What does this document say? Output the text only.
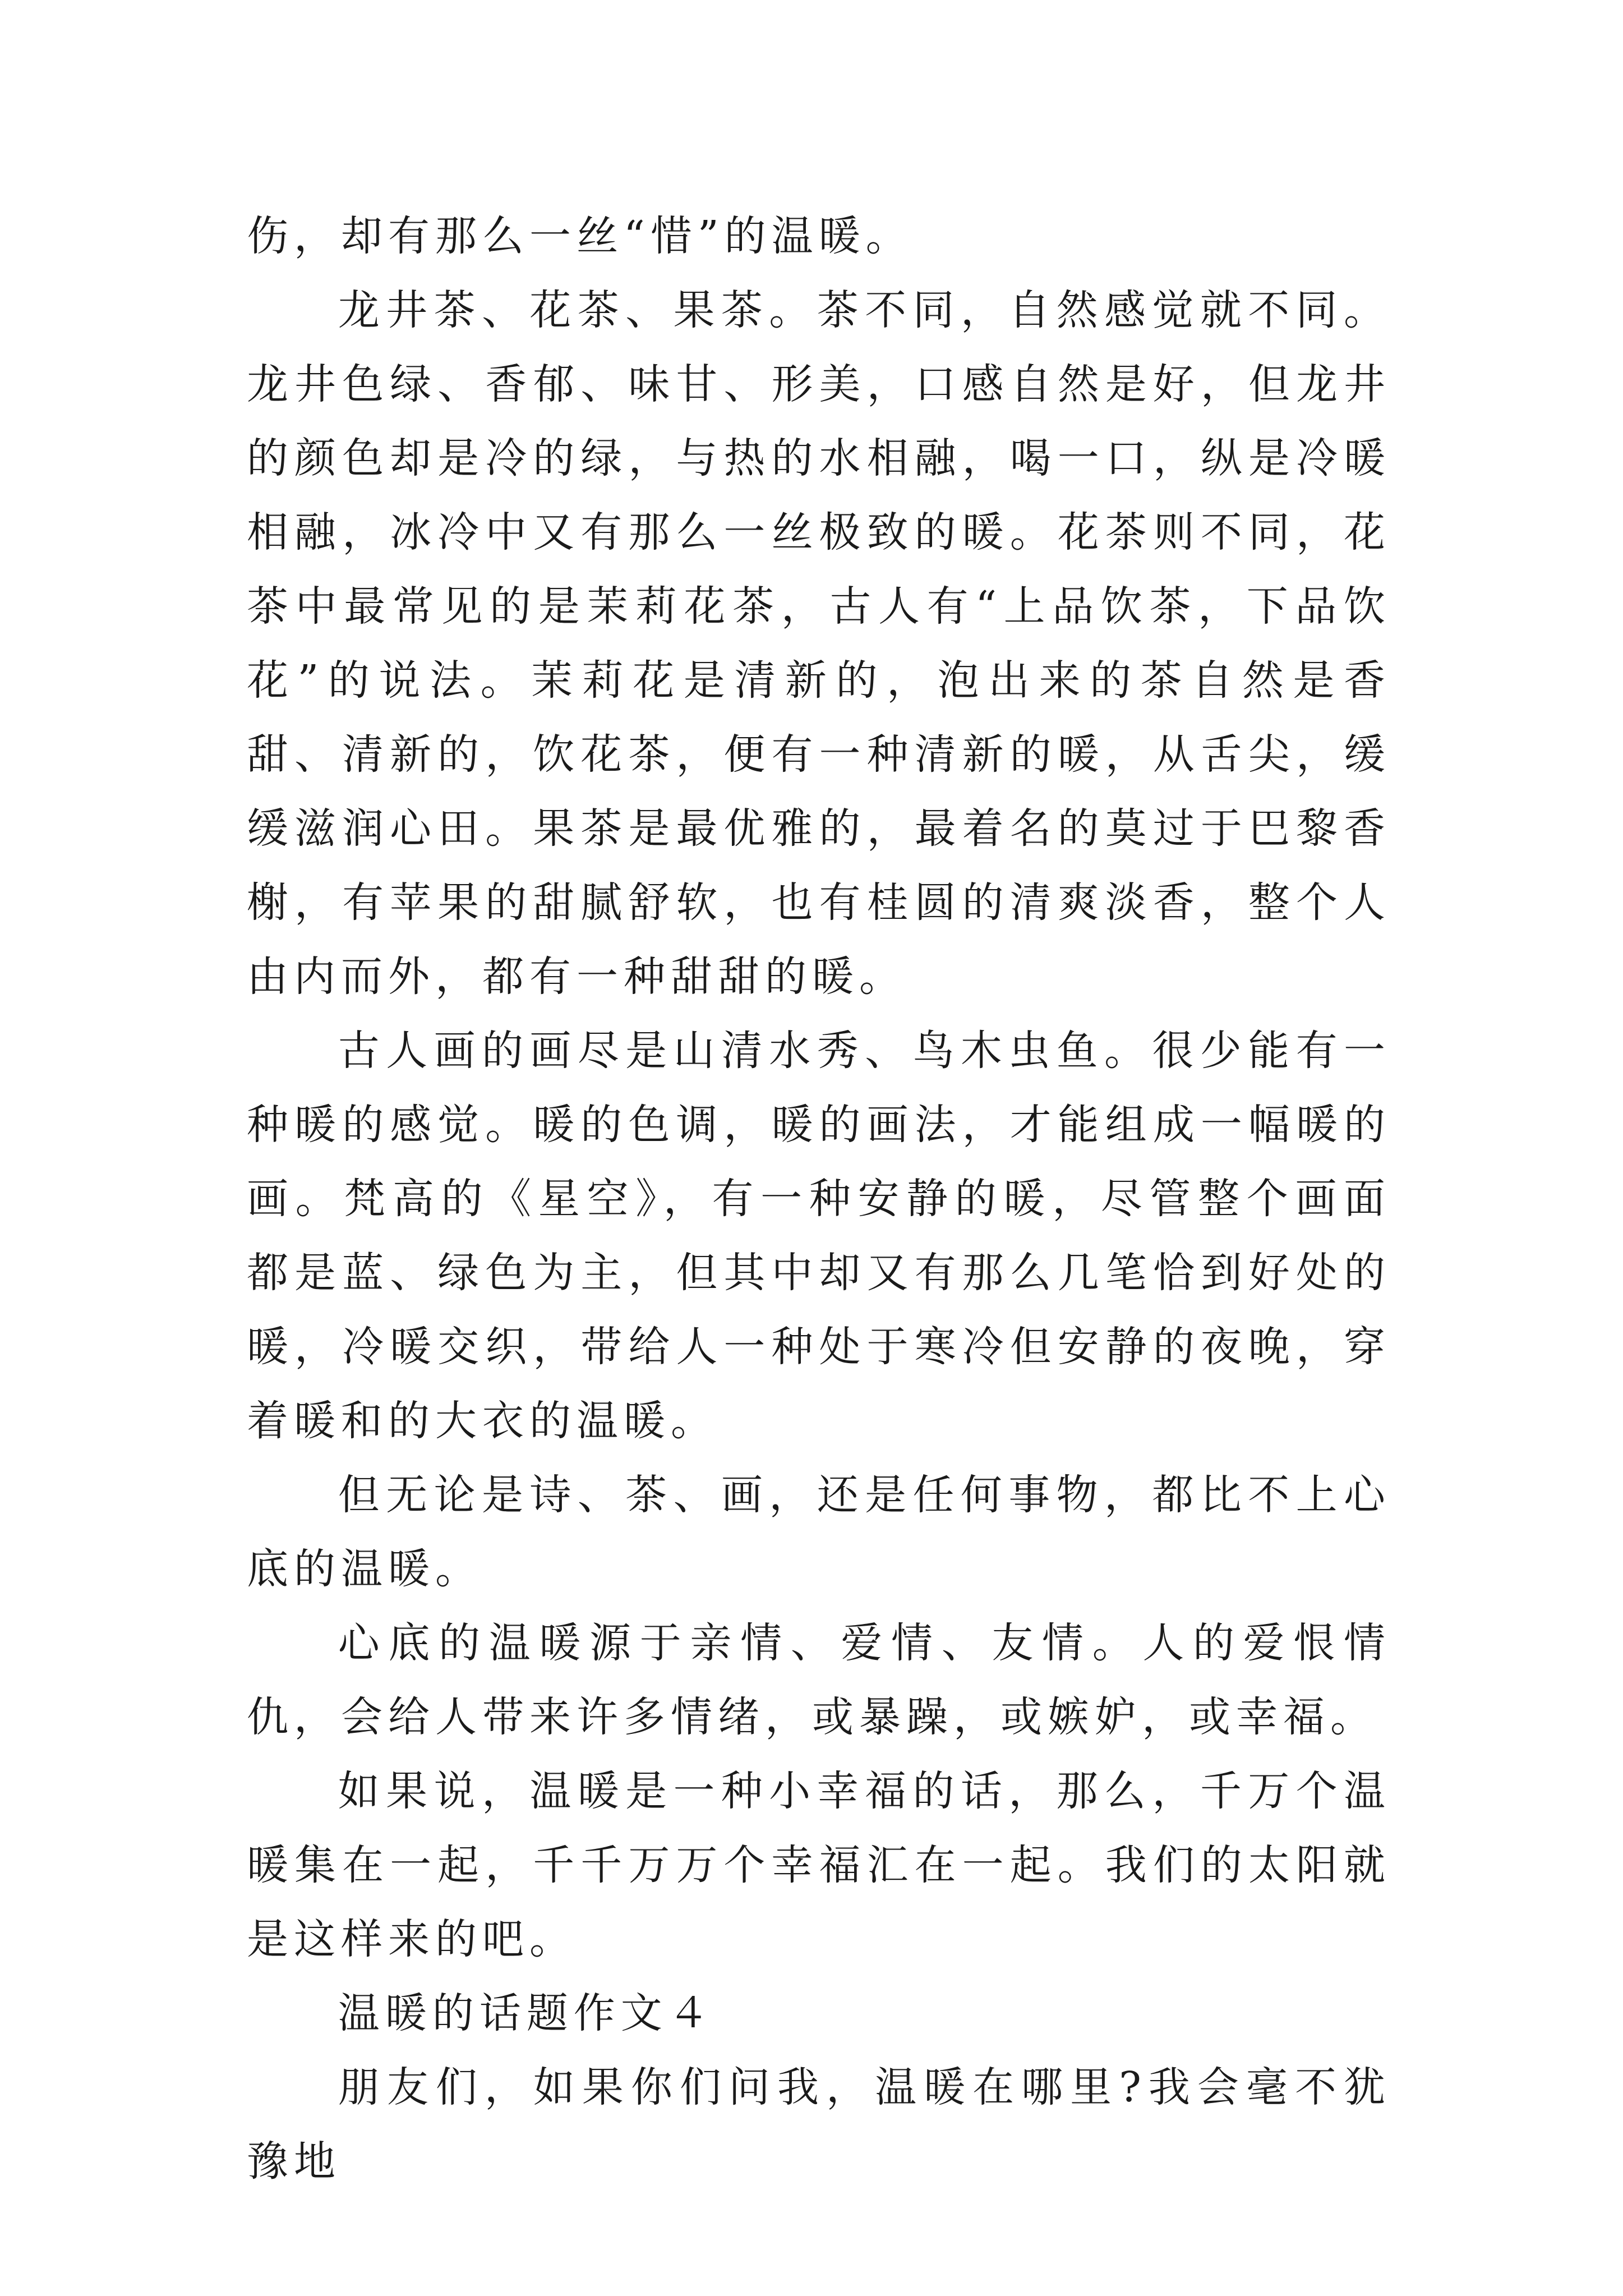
伤，却有那么一丝“惜”的温暖。

龙井茶、花茶、果茶。茶不同，自然感觉就不同。龙井色绿、香郁、味甘、形美，口感自然是好，但龙井的颜色却是冷的绿，与热的水相融，喝一口，纵是冷暖相融，冰冷中又有那么一丝极致的暖。花茶则不同，花茶中最常见的是茉莉花茶，古人有“上品饮茶，下品饮花”的说法。茉莉花是清新的，泡出来的茶自然是香甜、清新的，饮花茶，便有一种清新的暖，从舌尖，缓缓滋润心田。果茶是最优雅的，最着名的莫过于巴黎香榭，有苹果的甜腻舒软，也有桂圆的清爽淡香，整个人由内而外，都有一种甜甜的暖。

古人画的画尽是山清水秀、鸟木虫鱼。很少能有一种暖的感觉。暖的色调，暖的画法，才能组成一幅暖的画。梵高的《星空》，有一种安静的暖，尽管整个画面都是蓝、绿色为主，但其中却又有那么几笔恰到好处的暖，冷暖交织，带给人一种处于寒冷但安静的夜晚，穿着暖和的大衣的温暖。

但无论是诗、茶、画，还是任何事物，都比不上心底的温暖。

心底的温暖源于亲情、爱情、友情。人的爱恨情仇，会给人带来许多情绪，或暴躁，或嫉妒，或幸福。

如果说，温暖是一种小幸福的话，那么，千万个温暖集在一起，千千万万个幸福汇在一起。我们的太阳就是这样来的吧。

温暖的话题作文４

朋友们，如果你们问我，温暖在哪里?我会毫不犹豫地
